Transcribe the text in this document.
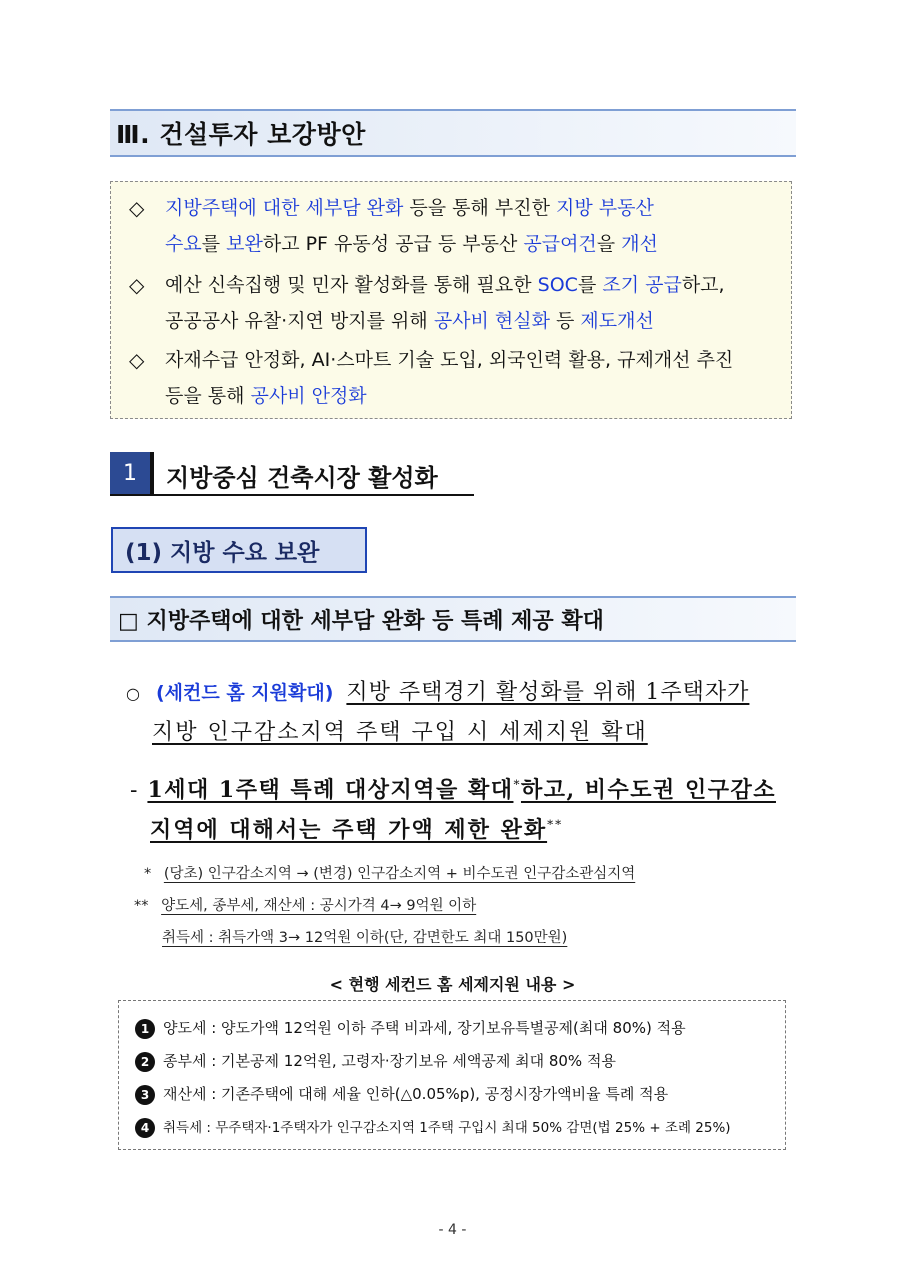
Ⅲ. 건설투자 보강방안
◇ 지방주택에 대한 세부담 완화 등을 통해 부진한 지방 부동산
수요를 보완하고 PF 유동성 공급 등 부동산 공급여건을 개선
◇ 예산 신속집행 및 민자 활성화를 통해 필요한 SOC를 조기 공급하고,
공공공사 유찰·지연 방지를 위해 공사비 현실화 등 제도개선
◇ 자재수급 안정화, AI·스마트 기술 도입, 외국인력 활용, 규제개선 추진
등을 통해 공사비 안정화
1	지방중심 건축시장 활성화
(1) 지방 수요 보완
□ 지방주택에 대한 세부담 완화 등 특례 제공 확대
○ (세컨드 홈 지원확대) 지방 주택경기 활성화를 위해 1주택자가
지방 인구감소지역 주택 구입 시 세제지원 확대
- 1세대 1주택 특례 대상지역을 확대*하고, 비수도권 인구감소
지역에 대해서는 주택 가액 제한 완화**
* (당초) 인구감소지역 → (변경) 인구감소지역 + 비수도권 인구감소관심지역
** 양도세, 종부세, 재산세 : 공시가격 4→ 9억원 이하
취득세 : 취득가액 3→ 12억원 이하(단, 감면한도 최대 150만원)
< 현행 세컨드 홈 세제지원 내용 >
1 양도세 : 양도가액 12억원 이하 주택 비과세, 장기보유특별공제(최대 80%) 적용
2 종부세 : 기본공제 12억원, 고령자·장기보유 세액공제 최대 80% 적용
3 재산세 : 기존주택에 대해 세율 인하(△0.05%p), 공정시장가액비율 특례 적용
4 취득세 : 무주택자·1주택자가 인구감소지역 1주택 구입시 최대 50% 감면(법 25% + 조례 25%)
- 4 -
